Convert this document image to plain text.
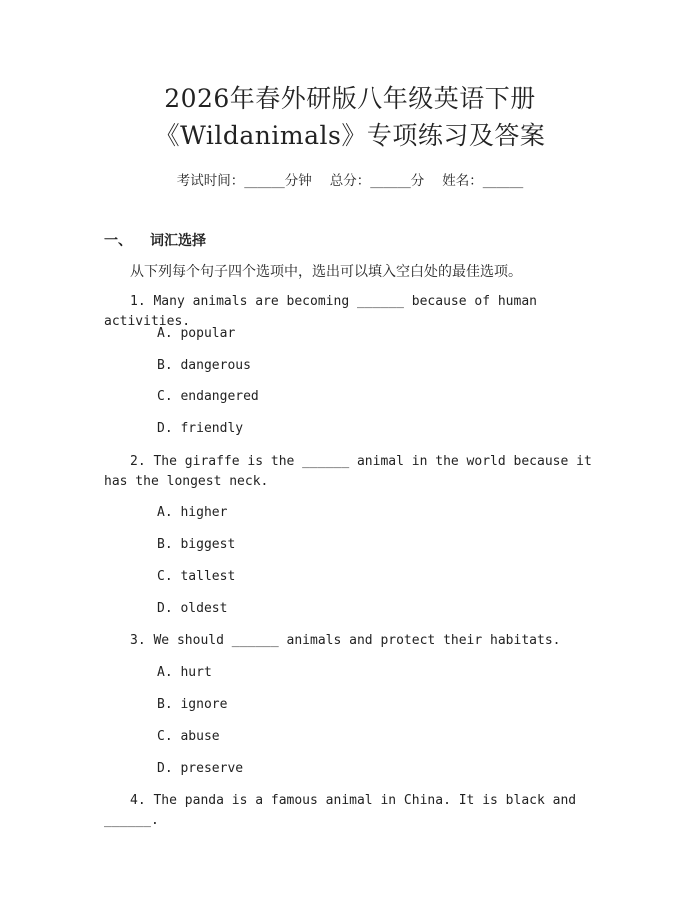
2026年春外研版八年级英语下册
《Wildanimals》专项练习及答案
考试时间：______分钟 总分：______分 姓名：______
一、 词汇选择
从下列每个句子四个选项中，选出可以填入空白处的最佳选项。
1. Many animals are becoming ______ because of human activities.
A. popular
B. dangerous
C. endangered
D. friendly
2. The giraffe is the ______ animal in the world because it has the longest neck.
A. higher
B. biggest
C. tallest
D. oldest
3. We should ______ animals and protect their habitats.
A. hurt
B. ignore
C. abuse
D. preserve
4. The panda is a famous animal in China. It is black and ______.
